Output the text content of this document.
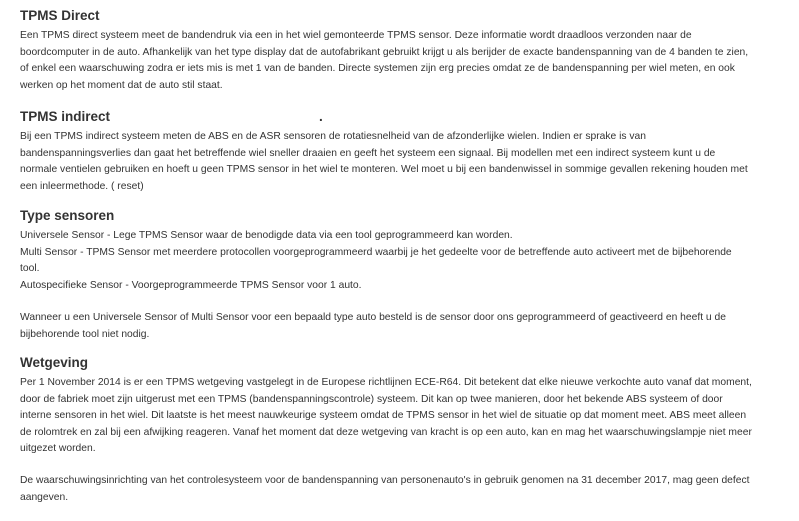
TPMS Direct

Een TPMS direct systeem meet de bandendruk via een in het wiel gemonteerde TPMS sensor. Deze informatie wordt draadloos verzonden naar de
boordcomputer in de auto. Afhankelijk van het type display dat de autofabrikant gebruikt krijgt u als berijder de exacte bandenspanning van de 4 banden te zien,
of enkel een waarschuwing zodra er iets mis is met 1 van de banden. Directe systemen zijn erg precies omdat ze de bandenspanning per wiel meten, en ook
werken op het moment dat de auto stil staat.

TPMS indirect	.

Bij een TPMS indirect systeem meten de ABS en de ASR sensoren de rotatiesnelheid van de afzonderlijke wielen. Indien er sprake is van
bandenspanningsverlies dan gaat het betreffende wiel sneller draaien en geeft het systeem een signaal. Bij modellen met een indirect systeem kunt u de
normale ventielen gebruiken en hoeft u geen TPMS sensor in het wiel te monteren. Wel moet u bij een bandenwissel in sommige gevallen rekening houden met
een inleermethode. ( reset)

Type sensoren

Universele Sensor - Lege TPMS Sensor waar de benodigde data via een tool geprogrammeerd kan worden.
Multi Sensor - TPMS Sensor met meerdere protocollen voorgeprogrammeerd waarbij je het gedeelte voor de betreffende auto activeert met de bijbehorende
tool.
Autospecifieke Sensor - Voorgeprogrammeerde TPMS Sensor voor 1 auto.

Wanneer u een Universele Sensor of Multi Sensor voor een bepaald type auto besteld is de sensor door ons geprogrammeerd of geactiveerd en heeft u de
bijbehorende tool niet nodig.

Wetgeving

Per 1 November 2014 is er een TPMS wetgeving vastgelegt in de Europese richtlijnen ECE-R64. Dit betekent dat elke nieuwe verkochte auto vanaf dat moment,
door de fabriek moet zijn uitgerust met een TPMS (bandenspanningscontrole) systeem. Dit kan op twee manieren, door het bekende ABS systeem of door
interne sensoren in het wiel. Dit laatste is het meest nauwkeurige systeem omdat de TPMS sensor in het wiel de situatie op dat moment meet. ABS meet alleen
de rolomtrek en zal bij een afwijking reageren. Vanaf het moment dat deze wetgeving van kracht is op een auto, kan en mag het waarschuwingslampje niet meer
uitgezet worden.

De waarschuwingsinrichting van het controlesysteem voor de bandenspanning van personenauto's in gebruik genomen na 31 december 2017, mag geen defect
aangeven.
